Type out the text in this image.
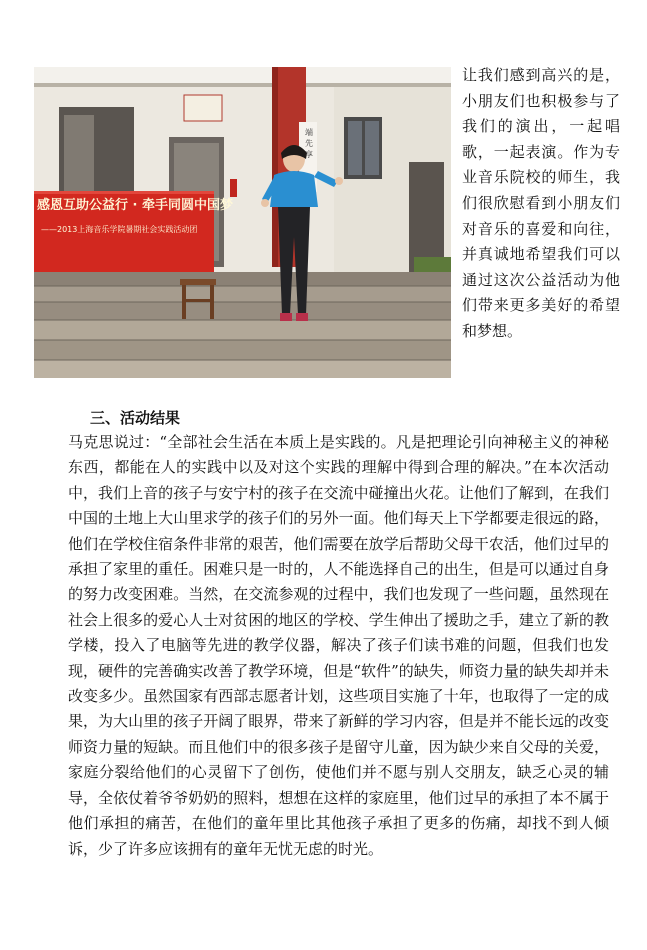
感恩互助公益行 · 牵手同圆中国梦
——2013上海音乐学院暑期社会实践活动团
端先享

让我们感到高兴的是，小朋友们也积极参与了我们的演出，一起唱歌，一起表演。作为专业音乐院校的师生，我们很欣慰看到小朋友们对音乐的喜爱和向往，并真诚地希望我们可以通过这次公益活动为他们带来更多美好的希望和梦想。

三、活动结果

马克思说过：“全部社会生活在本质上是实践的。凡是把理论引向神秘主义的神秘东西，都能在人的实践中以及对这个实践的理解中得到合理的解决。”在本次活动中，我们上音的孩子与安宁村的孩子在交流中碰撞出火花。让他们了解到，在我们中国的土地上大山里求学的孩子们的另外一面。他们每天上下学都要走很远的路，他们在学校住宿条件非常的艰苦，他们需要在放学后帮助父母干农活，他们过早的承担了家里的重任。困难只是一时的，人不能选择自己的出生，但是可以通过自身的努力改变困难。当然，在交流参观的过程中，我们也发现了一些问题，虽然现在社会上很多的爱心人士对贫困的地区的学校、学生伸出了援助之手，建立了新的教学楼，投入了电脑等先进的教学仪器，解决了孩子们读书难的问题，但我们也发现，硬件的完善确实改善了教学环境，但是“软件”的缺失，师资力量的缺失却并未改变多少。虽然国家有西部志愿者计划，这些项目实施了十年，也取得了一定的成果，为大山里的孩子开阔了眼界，带来了新鲜的学习内容，但是并不能长远的改变师资力量的短缺。而且他们中的很多孩子是留守儿童，因为缺少来自父母的关爱，家庭分裂给他们的心灵留下了创伤，使他们并不愿与别人交朋友，缺乏心灵的辅导，全依仗着爷爷奶奶的照料，想想在这样的家庭里，他们过早的承担了本不属于他们承担的痛苦，在他们的童年里比其他孩子承担了更多的伤痛，却找不到人倾诉，少了许多应该拥有的童年无忧无虑的时光。
